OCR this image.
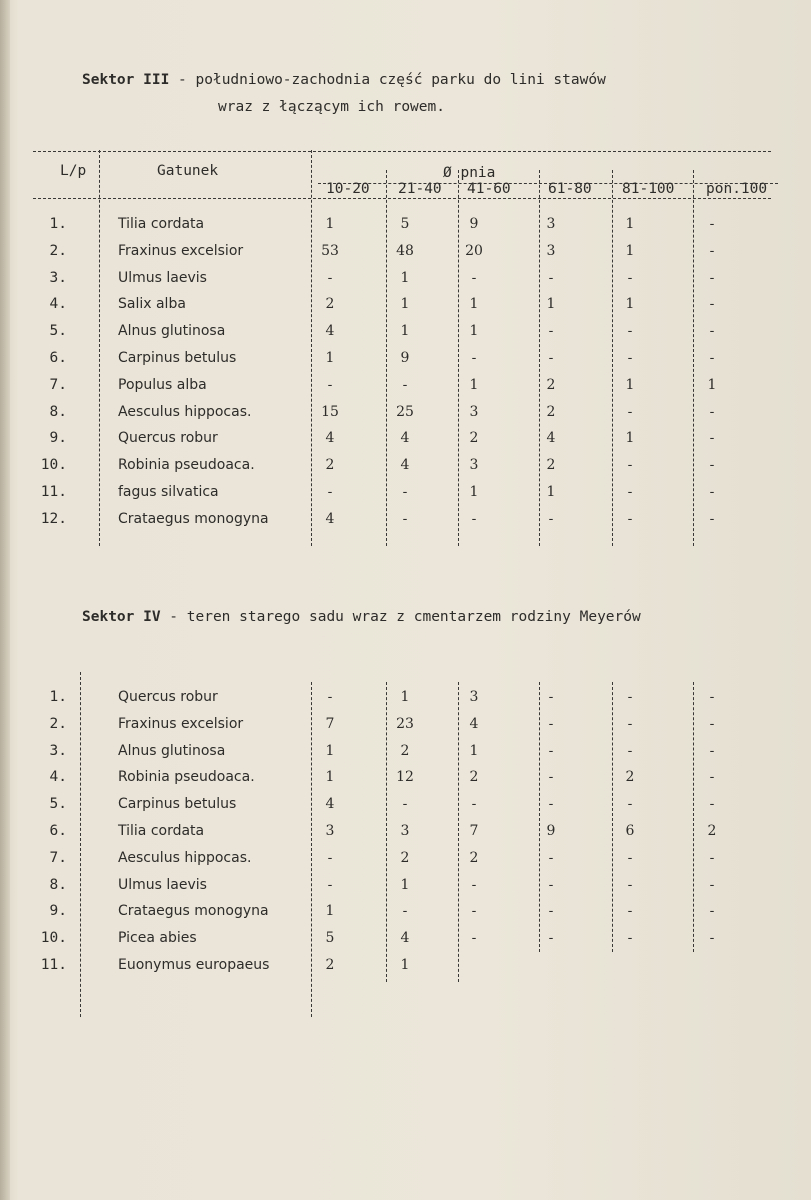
Sektor III - południowo-zachodnia część parku do lini stawów
wraz z łączącym ich rowem.
L/p	Gatunek	Ø pnia
10-20 21-40 41-60	61-80 81-100 pon.100
1.	Tilia cordata	1	5	9	3	1	-
2.	Fraxinus excelsior	53	48	20	3	1	-
3.	Ulmus laevis	-	1	-	-	-	-
4.	Salix alba	2	1	1	1	1	-
5.	Alnus glutinosa	4	1	1	-	-	-
6.	Carpinus betulus	1	9	-	-	-	-
7.	Populus alba	-	-	1	2	1	1
8.	Aesculus hippocas.	15	25	3	2	-	-
9.	Quercus robur	4	4	2	4	1	-
10.	Robinia pseudoaca.	2	4	3	2	-	-
11.	fagus silvatica	-	-	1	1	-	-
12.	Crataegus monogyna	4	-	-	-	-	-
Sektor IV - teren starego sadu wraz z cmentarzem rodziny Meyerów
1.	Quercus robur	-	1	3	-	-	-
2.	Fraxinus excelsior	7	23	4	-	-	-
3.	Alnus glutinosa	1	2	1	-	-	-
4.	Robinia pseudoaca.	1	12	2	-	2	-
5.	Carpinus betulus	4	-	-	-	-	-
6.	Tilia cordata	3	3	7	9	6	2
7.	Aesculus hippocas.	-	2	2	-	-	-
8.	Ulmus laevis	-	1	-	-	-	-
9.	Crataegus monogyna	1	-	-	-	-	-
10.	Picea abies	5	4	-	-	-	-
11.	Euonymus europaeus	2	1
